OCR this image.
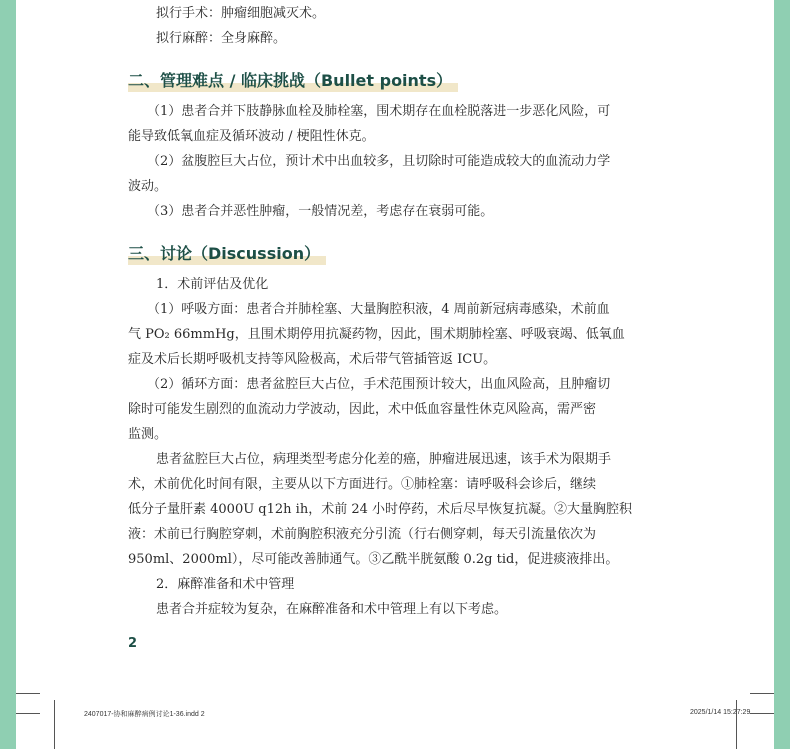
拟行手术：肿瘤细胞减灭术。
拟行麻醉：全身麻醉。
二、管理难点 / 临床挑战（Bullet points）
（1）患者合并下肢静脉血栓及肺栓塞，围术期存在血栓脱落进一步恶化风险，可
能导致低氧血症及循环波动 / 梗阻性休克。
（2）盆腹腔巨大占位，预计术中出血较多，且切除时可能造成较大的血流动力学
波动。
（3）患者合并恶性肿瘤，一般情况差，考虑存在衰弱可能。
三、讨论（Discussion）
1．术前评估及优化
（1）呼吸方面：患者合并肺栓塞、大量胸腔积液，4 周前新冠病毒感染，术前血
气 PO₂ 66mmHg，且围术期停用抗凝药物，因此，围术期肺栓塞、呼吸衰竭、低氧血
症及术后长期呼吸机支持等风险极高，术后带气管插管返 ICU。
（2）循环方面：患者盆腔巨大占位，手术范围预计较大，出血风险高，且肿瘤切
除时可能发生剧烈的血流动力学波动，因此，术中低血容量性休克风险高，需严密
监测。
患者盆腔巨大占位，病理类型考虑分化差的癌，肿瘤进展迅速，该手术为限期手
术，术前优化时间有限，主要从以下方面进行。①肺栓塞：请呼吸科会诊后，继续
低分子量肝素 4000U q12h ih，术前 24 小时停药，术后尽早恢复抗凝。②大量胸腔积
液：术前已行胸腔穿刺，术前胸腔积液充分引流（行右侧穿刺，每天引流量依次为
950ml、2000ml），尽可能改善肺通气。③乙酰半胱氨酸 0.2g tid，促进痰液排出。
2．麻醉准备和术中管理
患者合并症较为复杂，在麻醉准备和术中管理上有以下考虑。
2
2407017-协和麻醉病例讨论1-36.indd 2	2025/1/14 15:27:29
